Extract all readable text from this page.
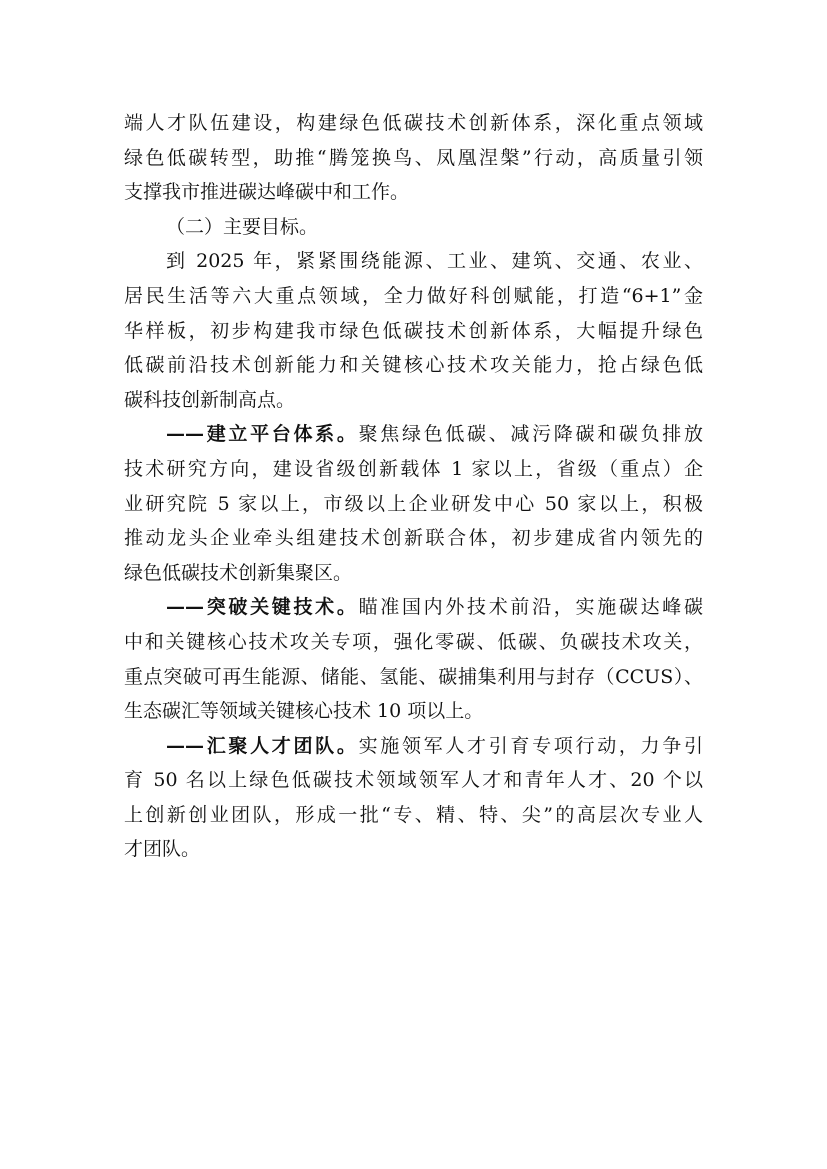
端人才队伍建设，构建绿色低碳技术创新体系，深化重点领域
绿色低碳转型，助推“腾笼换鸟、凤凰涅槃”行动，高质量引领
支撑我市推进碳达峰碳中和工作。
（二）主要目标。
到 2025 年，紧紧围绕能源、工业、建筑、交通、农业、
居民生活等六大重点领域，全力做好科创赋能，打造“6+1”金
华样板，初步构建我市绿色低碳技术创新体系，大幅提升绿色
低碳前沿技术创新能力和关键核心技术攻关能力，抢占绿色低
碳科技创新制高点。
——建立平台体系。聚焦绿色低碳、减污降碳和碳负排放
技术研究方向，建设省级创新载体 1 家以上，省级（重点）企
业研究院 5 家以上，市级以上企业研发中心 50 家以上，积极
推动龙头企业牵头组建技术创新联合体，初步建成省内领先的
绿色低碳技术创新集聚区。
——突破关键技术。瞄准国内外技术前沿，实施碳达峰碳
中和关键核心技术攻关专项，强化零碳、低碳、负碳技术攻关，
重点突破可再生能源、储能、氢能、碳捕集利用与封存（CCUS）、
生态碳汇等领域关键核心技术 10 项以上。
——汇聚人才团队。实施领军人才引育专项行动，力争引
育 50 名以上绿色低碳技术领域领军人才和青年人才、20 个以
上创新创业团队，形成一批“专、精、特、尖”的高层次专业人
才团队。
